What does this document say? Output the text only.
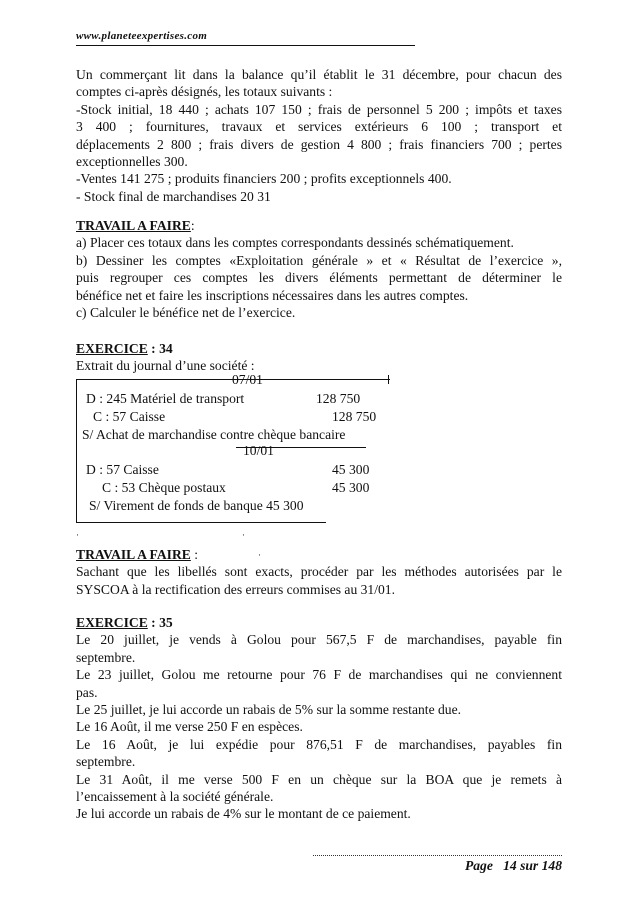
www.planeteexpertises.com
Un commerçant lit dans la balance qu’il établit le 31 décembre, pour chacun des
comptes ci-après désignés, les totaux suivants :
-Stock initial, 18 440 ; achats 107 150 ; frais de personnel 5 200 ; impôts et taxes
3 400 ; fournitures, travaux et services extérieurs 6 100 ; transport et
déplacements 2 800 ; frais divers de gestion 4 800 ; frais financiers 700 ; pertes
exceptionnelles 300.
-Ventes 141 275 ; produits financiers 200 ; profits exceptionnels 400.
- Stock final de marchandises 20 31
TRAVAIL A FAIRE:
a) Placer ces totaux dans les comptes correspondants dessinés schématiquement.
b) Dessiner les comptes «Exploitation générale » et « Résultat de l’exercice »,
puis regrouper ces comptes les divers éléments permettant de déterminer le
bénéfice net et faire les inscriptions nécessaires dans les autres comptes.
c) Calculer le bénéfice net de l’exercice.
EXERCICE : 34
Extrait du journal d’une société :
07/01
D : 245 Matériel de transport	128 750
C : 57 Caisse	128 750
S/ Achat de marchandise contre chèque bancaire
10/01
D : 57 Caisse	45 300
C : 53 Chèque postaux	45 300
S/ Virement de fonds de banque 45 300
·	·
TRAVAIL A FAIRE :
Sachant que les libellés sont exacts, procéder par les méthodes autorisées par le
SYSCOA à la rectification des erreurs commises au 31/01.
·
EXERCICE : 35
Le 20 juillet, je vends à Golou pour 567,5 F de marchandises, payable fin
septembre.
Le 23 juillet, Golou me retourne pour 76 F de marchandises qui ne conviennent
pas.
Le 25 juillet, je lui accorde un rabais de 5% sur la somme restante due.
Le 16 Août, il me verse 250 F en espèces.
Le 16 Août, je lui expédie pour 876,51 F de marchandises, payables fin
septembre.
Le 31 Août, il me verse 500 F en un chèque sur la BOA que je remets à
l’encaissement à la société générale.
Je lui accorde un rabais de 4% sur le montant de ce paiement.
Page 14 sur 148
